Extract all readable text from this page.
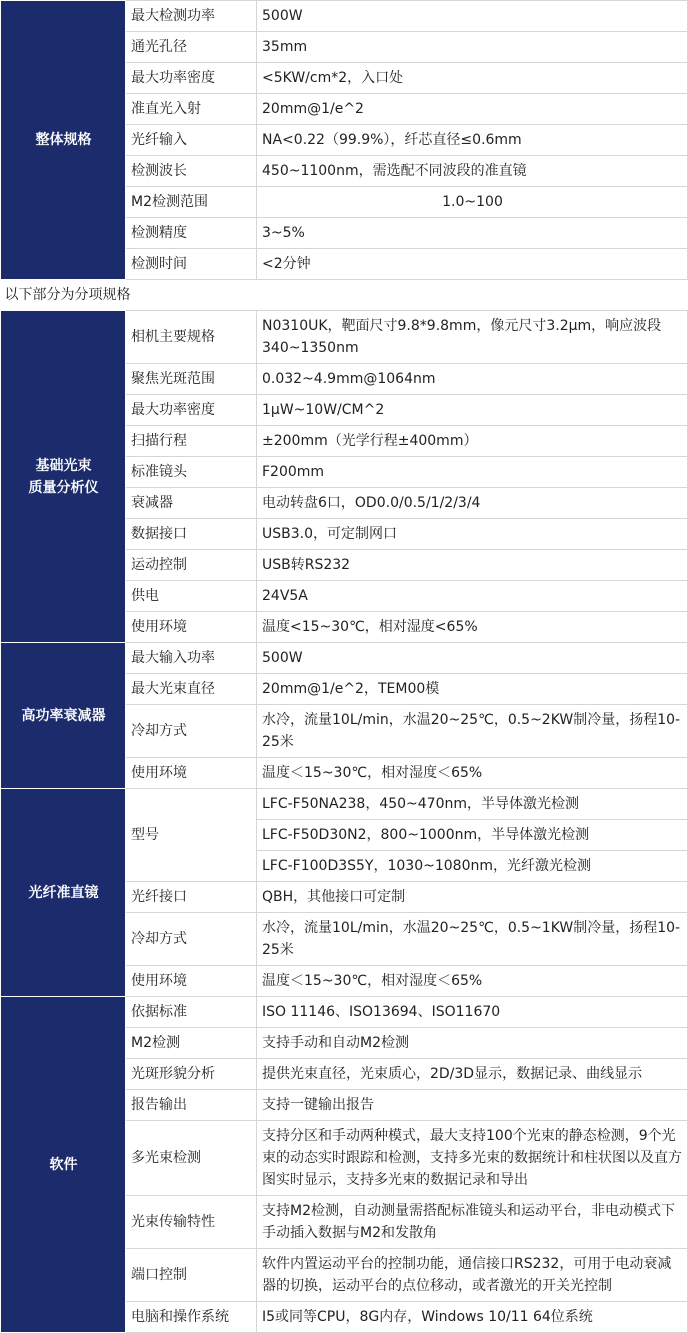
整体规格	最大检测功率	500W
	通光孔径	35mm
	最大功率密度	<5KW/cm*2，入口处
	准直光入射	20mm@1/e^2
	光纤输入	NA<0.22（99.9%），纤芯直径≤0.6mm
	检测波长	450~1100nm，需选配不同波段的准直镜
	M2检测范围	1.0~100
	检测精度	3~5%
	检测时间	<2分钟
以下部分为分项规格		

基础光束
质量分析仪	相机主要规格	N0310UK，靶面尺寸9.8*9.8mm，像元尺寸3.2μm，响应波段340~1350nm
	聚焦光斑范围	0.032~4.9mm@1064nm
	最大功率密度	1μW~10W/CM^2
	扫描行程	±200mm（光学行程±400mm）
	标准镜头	F200mm
	衰减器	电动转盘6口，OD0.0/0.5/1/2/3/4
	数据接口	USB3.0，可定制网口
	运动控制	USB转RS232
	供电	24V5A
	使用环境	温度<15~30℃，相对湿度<65%
高功率衰减器	最大输入功率	500W
	最大光束直径	20mm@1/e^2，TEM00模
	冷却方式	水冷，流量10L/min，水温20~25℃，0.5~2KW制冷量，扬程10-25米
	使用环境	温度＜15~30℃，相对湿度＜65%
光纤准直镜	型号	LFC-F50NA238，450~470nm，半导体激光检测
		LFC-F50D30N2，800~1000nm，半导体激光检测
		LFC-F100D3S5Y，1030~1080nm，光纤激光检测
	光纤接口	QBH，其他接口可定制
	冷却方式	水冷，流量10L/min，水温20~25℃，0.5~1KW制冷量，扬程10-25米
	使用环境	温度＜15~30℃，相对湿度＜65%
软件	依据标准	ISO 11146、ISO13694、ISO11670
	M2检测	支持手动和自动M2检测
	光斑形貌分析	提供光束直径，光束质心，2D/3D显示，数据记录、曲线显示
	报告输出	支持一键输出报告
	多光束检测	支持分区和手动两种模式，最大支持100个光束的静态检测，9个光束的动态实时跟踪和检测，支持多光束的数据统计和柱状图以及直方图实时显示，支持多光束的数据记录和导出
	光束传输特性	支持M2检测，自动测量需搭配标准镜头和运动平台，非电动模式下手动插入数据与M2和发散角
	端口控制	软件内置运动平台的控制功能，通信接口RS232，可用于电动衰减器的切换，运动平台的点位移动，或者激光的开关光控制
	电脑和操作系统	I5或同等CPU，8G内存，Windows 10/11 64位系统
